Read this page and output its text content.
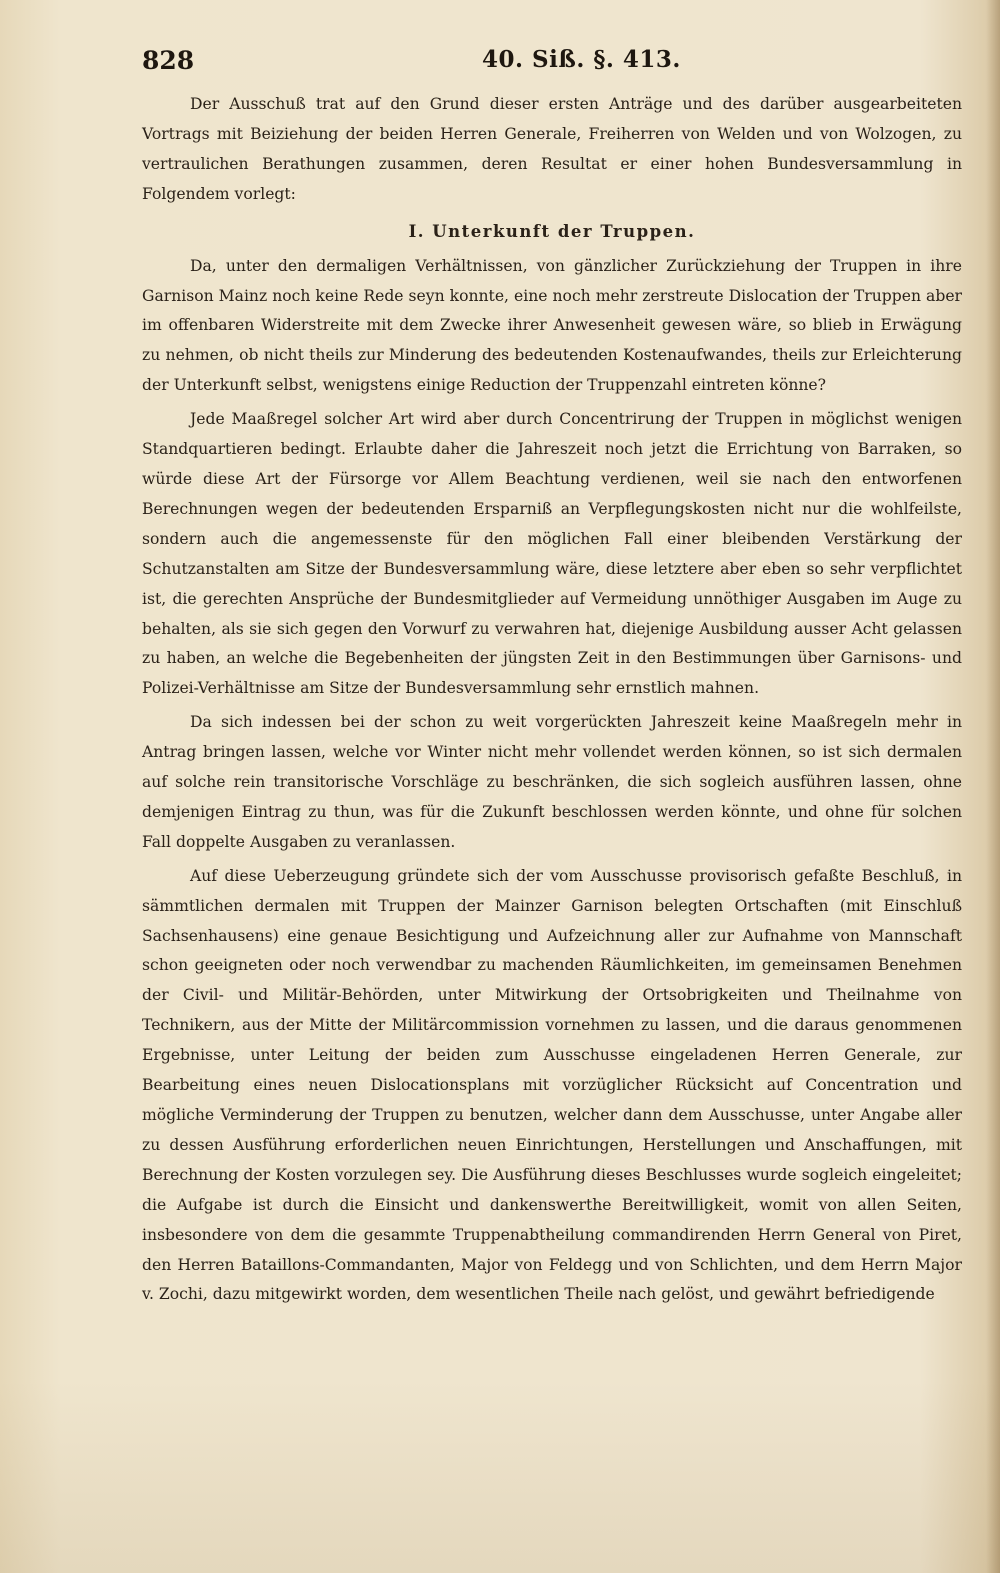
828	40. Siß. §. 413.

Der Ausschuß trat auf den Grund dieser ersten Anträge und des darüber ausgearbeiteten Vortrags mit Beiziehung der beiden Herren Generale, Freiherren von Welden und von Wolzogen, zu vertraulichen Berathungen zusammen, deren Resultat er einer hohen Bundesversammlung in Folgendem vorlegt:

I. Unterkunft der Truppen.

Da, unter den dermaligen Verhältnissen, von gänzlicher Zurückziehung der Truppen in ihre Garnison Mainz noch keine Rede seyn konnte, eine noch mehr zerstreute Dislocation der Truppen aber im offenbaren Widerstreite mit dem Zwecke ihrer Anwesenheit gewesen wäre, so blieb in Erwägung zu nehmen, ob nicht theils zur Minderung des bedeutenden Kostenaufwandes, theils zur Erleichterung der Unterkunft selbst, wenigstens einige Reduction der Truppenzahl eintreten könne?

Jede Maaßregel solcher Art wird aber durch Concentrirung der Truppen in möglichst wenigen Standquartieren bedingt. Erlaubte daher die Jahreszeit noch jetzt die Errichtung von Barraken, so würde diese Art der Fürsorge vor Allem Beachtung verdienen, weil sie nach den entworfenen Berechnungen wegen der bedeutenden Ersparniß an Verpflegungskosten nicht nur die wohlfeilste, sondern auch die angemessenste für den möglichen Fall einer bleibenden Verstärkung der Schutzanstalten am Sitze der Bundesversammlung wäre, diese letztere aber eben so sehr verpflichtet ist, die gerechten Ansprüche der Bundesmitglieder auf Vermeidung unnöthiger Ausgaben im Auge zu behalten, als sie sich gegen den Vorwurf zu verwahren hat, diejenige Ausbildung ausser Acht gelassen zu haben, an welche die Begebenheiten der jüngsten Zeit in den Bestimmungen über Garnisons- und Polizei-Verhältnisse am Sitze der Bundesversammlung sehr ernstlich mahnen.

Da sich indessen bei der schon zu weit vorgerückten Jahreszeit keine Maaßregeln mehr in Antrag bringen lassen, welche vor Winter nicht mehr vollendet werden können, so ist sich dermalen auf solche rein transitorische Vorschläge zu beschränken, die sich sogleich ausführen lassen, ohne demjenigen Eintrag zu thun, was für die Zukunft beschlossen werden könnte, und ohne für solchen Fall doppelte Ausgaben zu veranlassen.

Auf diese Ueberzeugung gründete sich der vom Ausschusse provisorisch gefaßte Beschluß, in sämmtlichen dermalen mit Truppen der Mainzer Garnison belegten Ortschaften (mit Einschluß Sachsenhausens) eine genaue Besichtigung und Aufzeichnung aller zur Aufnahme von Mannschaft schon geeigneten oder noch verwendbar zu machenden Räumlichkeiten, im gemeinsamen Benehmen der Civil- und Militär-Behörden, unter Mitwirkung der Ortsobrigkeiten und Theilnahme von Technikern, aus der Mitte der Militärcommission vornehmen zu lassen, und die daraus genommenen Ergebnisse, unter Leitung der beiden zum Ausschusse eingeladenen Herren Generale, zur Bearbeitung eines neuen Dislocationsplans mit vorzüglicher Rücksicht auf Concentration und mögliche Verminderung der Truppen zu benutzen, welcher dann dem Ausschusse, unter Angabe aller zu dessen Ausführung erforderlichen neuen Einrichtungen, Herstellungen und Anschaffungen, mit Berechnung der Kosten vorzulegen sey. Die Ausführung dieses Beschlusses wurde sogleich eingeleitet; die Aufgabe ist durch die Einsicht und dankenswerthe Bereitwilligkeit, womit von allen Seiten, insbesondere von dem die gesammte Truppenabtheilung commandirenden Herrn General von Piret, den Herren Bataillons-Commandanten, Major von Feldegg und von Schlichten, und dem Herrn Major v. Zochi, dazu mitgewirkt worden, dem wesentlichen Theile nach gelöst, und gewährt befriedigende
